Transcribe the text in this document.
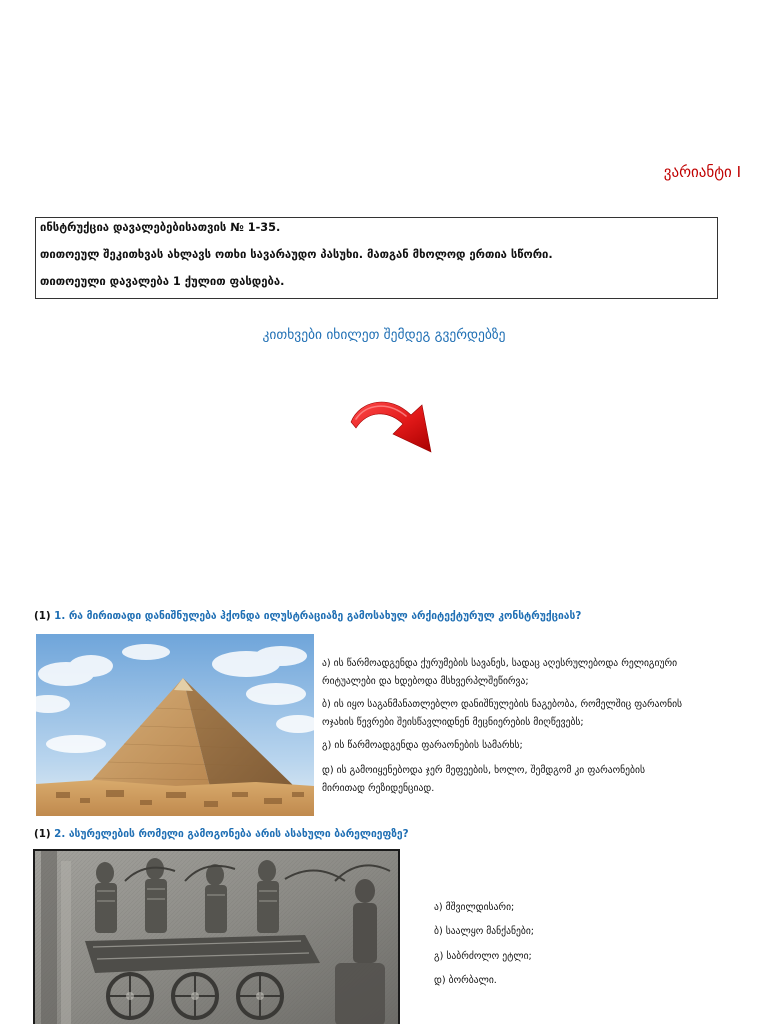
ვარიანტი I
ინსტრუქცია დავალებებისათვის № 1-35.
თითოეულ შეკითხვას ახლავს ოთხი სავარაუდო პასუხი. მათგან მხოლოდ ერთია სწორი.
თითოეული დავალება 1 ქულით ფასდება.
კითხვები იხილეთ შემდეგ გვერდებზე
(1) 1. რა მირითადი დანიშნულება ჰქონდა ილუსტრაციაზე გამოსახულ არქიტექტურულ კონსტრუქციას?
ა) ის წარმოადგენდა ქურუმების სავანეს, სადაც აღესრულებოდა რელიგიური
რიტუალები და ხდებოდა მსხვერპლშეწირვა;
ბ) ის იყო საგანმანათლებლო დანიშნულების ნაგებობა, რომელშიც ფარაონის
ოჯახის წევრები შეისწავლიდნენ მეცნიერების მიღწევებს;
გ) ის წარმოადგენდა ფარაონების სამარხს;
დ) ის გამოიყენებოდა ჯერ მეფეების, ხოლო, შემდგომ კი ფარაონების
მირითად რეზიდენციად.
(1) 2. ასურელების რომელი გამოგონება არის ასახული ბარელიეფზე?
ა) მშვილდისარი;
ბ) საალყო მანქანები;
გ) საბრძოლო ეტლი;
დ) ბორბალი.
